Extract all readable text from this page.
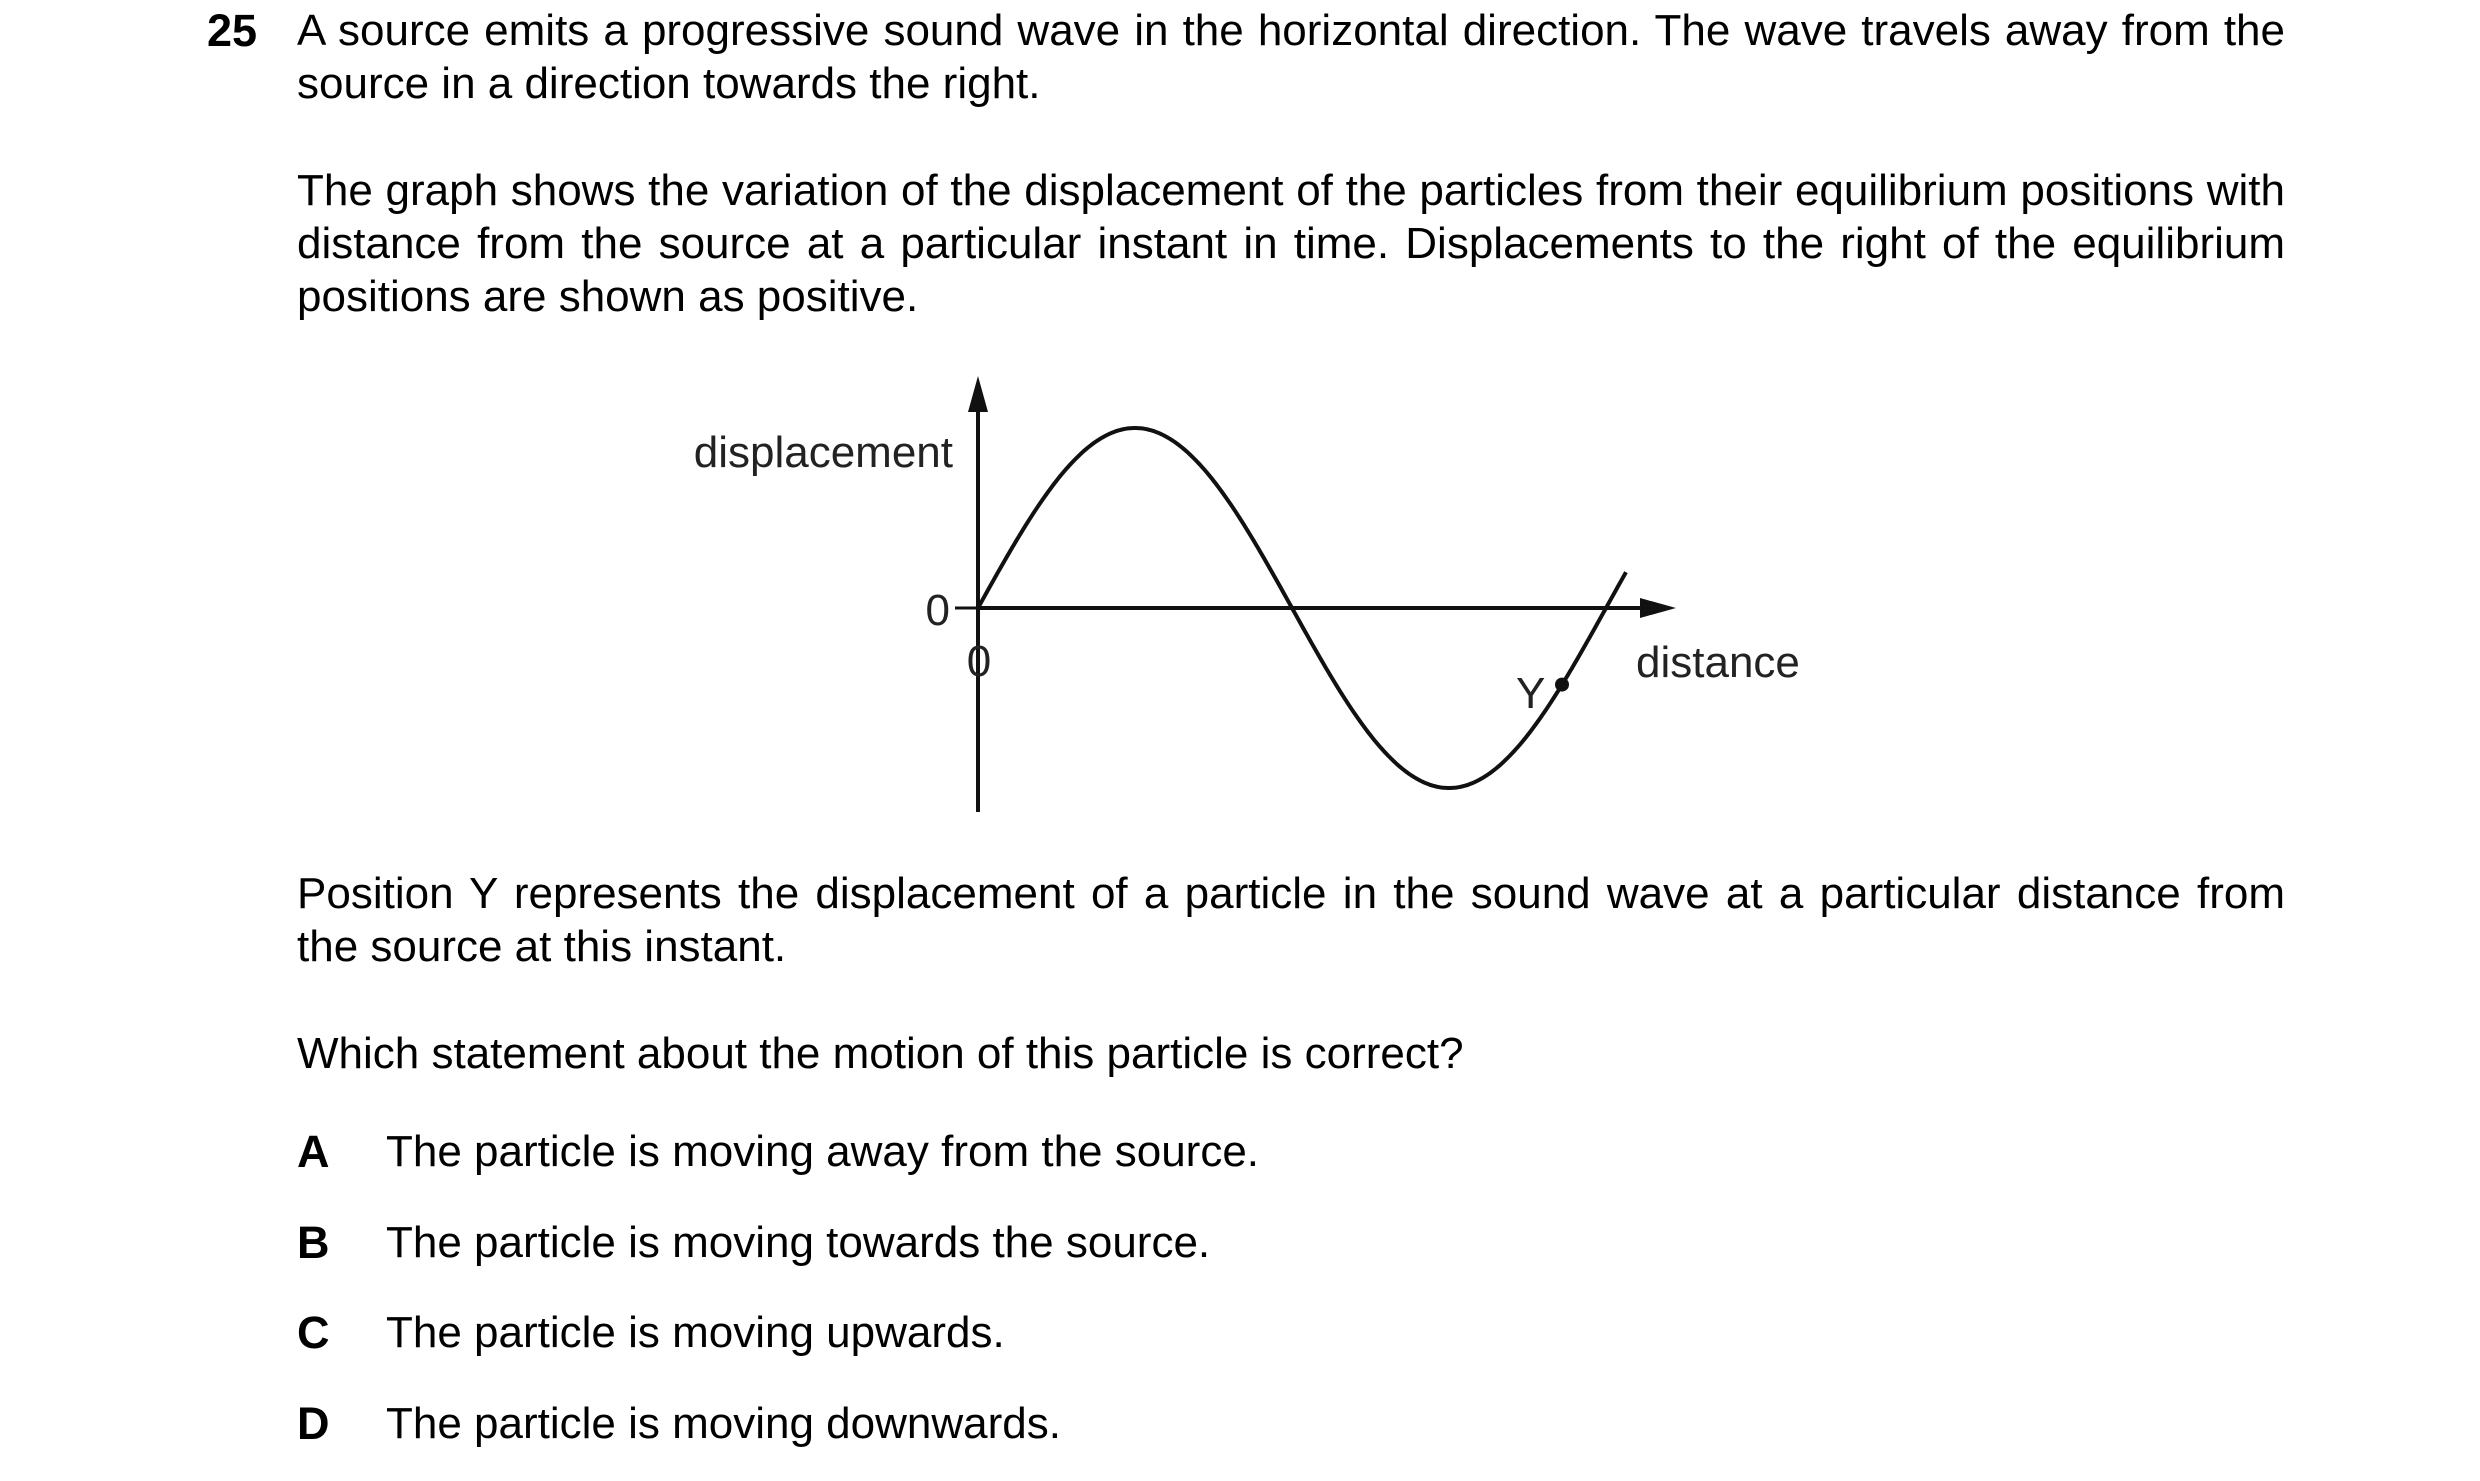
25 A source emits a progressive sound wave in the horizontal direction. The wave travels away from the source in a direction towards the right.
The graph shows the variation of the displacement of the particles from their equilibrium positions with distance from the source at a particular instant in time. Displacements to the right of the equilibrium positions are shown as positive.
displacement
distance
0
0
Y
Position Y represents the displacement of a particle in the sound wave at a particular distance from the source at this instant.
Which statement about the motion of this particle is correct?
A The particle is moving away from the source.
B The particle is moving towards the source.
C The particle is moving upwards.
D The particle is moving downwards.
